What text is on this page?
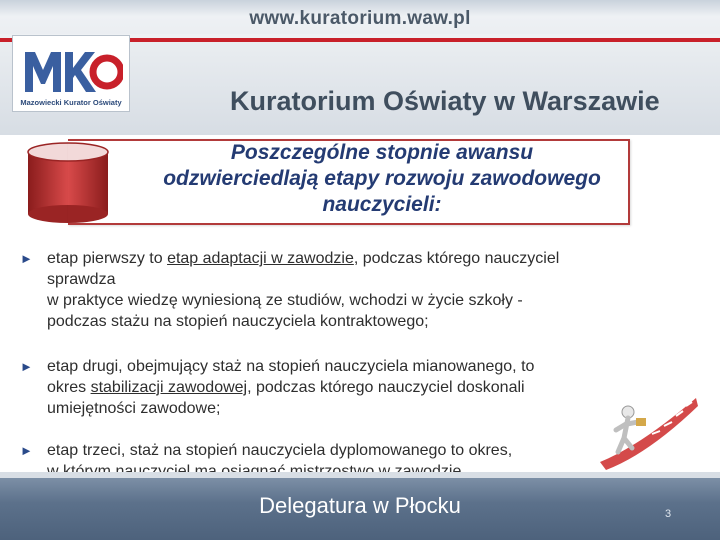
www.kuratorium.waw.pl
Mazowiecki Kurator Oświaty	Kuratorium Oświaty w Warszawie
Poszczególne stopnie awansu
odzwierciedlają etapy rozwoju zawodowego
nauczycieli:
► etap pierwszy to etap adaptacji w zawodzie, podczas którego nauczyciel
sprawdza
w praktyce wiedzę wyniesioną ze studiów, wchodzi w życie szkoły -
podczas stażu na stopień nauczyciela kontraktowego;
► etap drugi, obejmujący staż na stopień nauczyciela mianowanego, to
okres stabilizacji zawodowej, podczas którego nauczyciel doskonali
umiejętności zawodowe;
► etap trzeci, staż na stopień nauczyciela dyplomowanego to okres,
Delegatura w Płocku	3
